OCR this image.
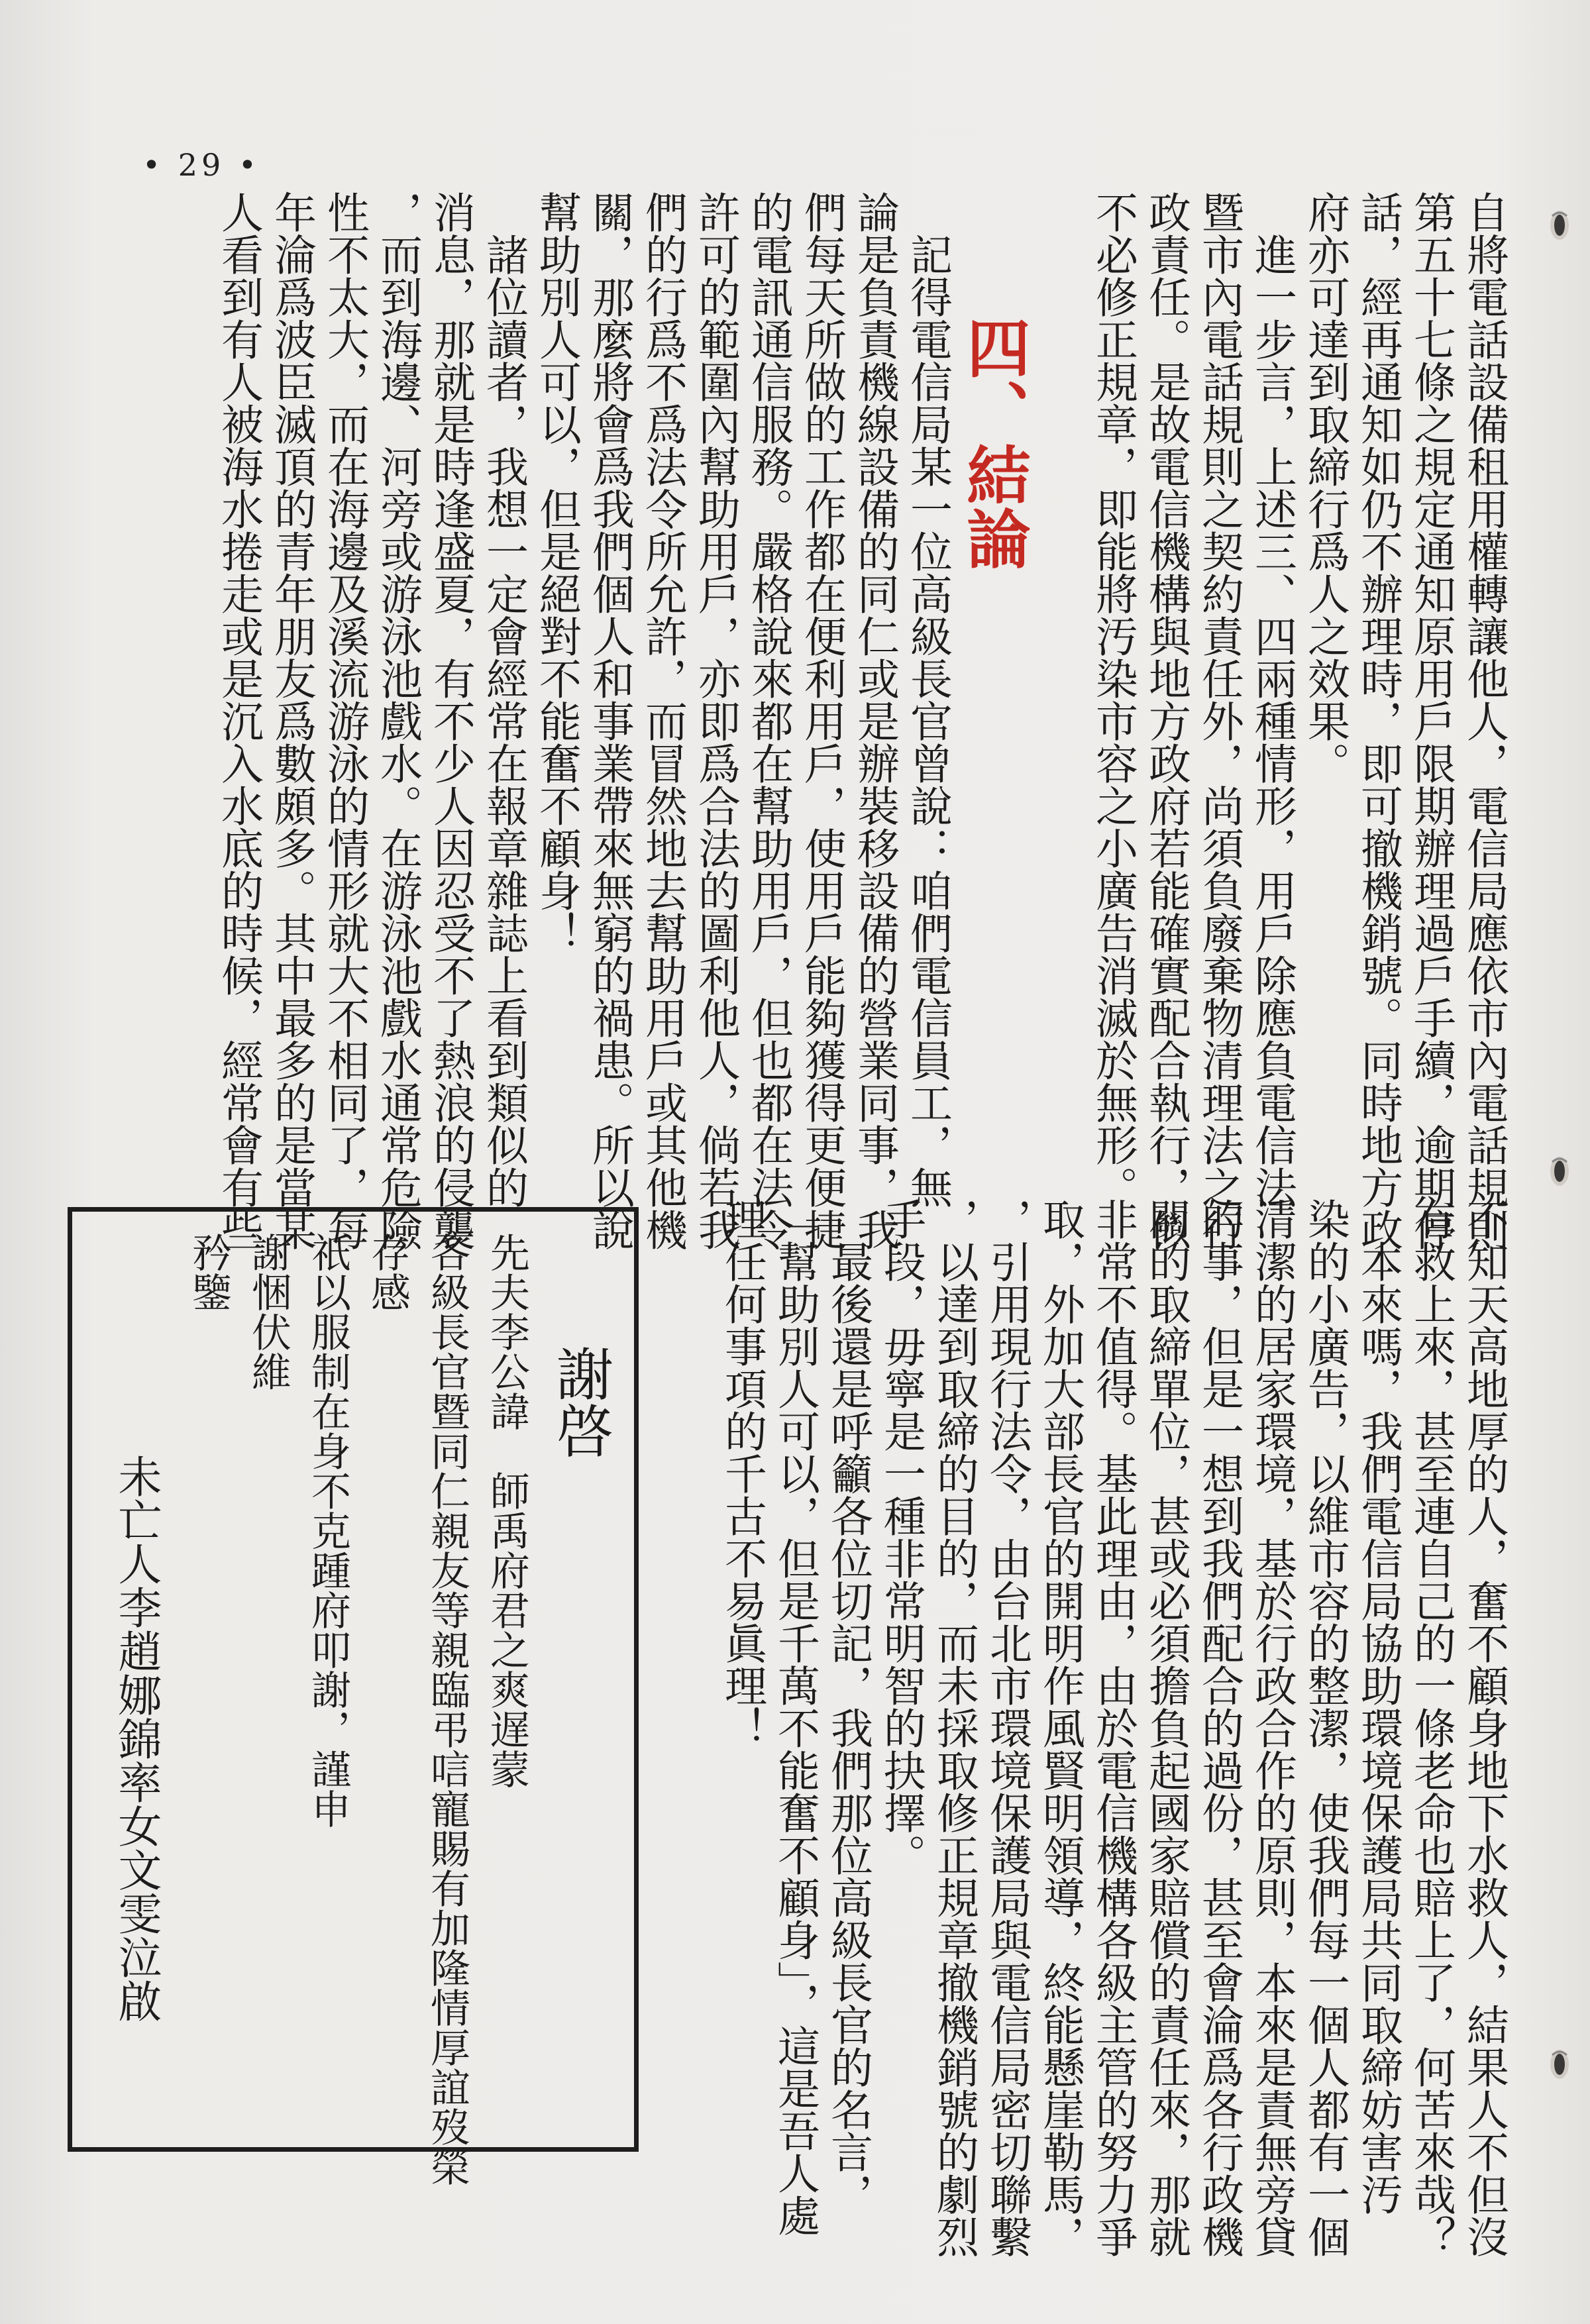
• 29 •
自將電話設備租用權轉讓他人，電信局應依市內電話規則
第五十七條之規定通知原用戶限期辦理過戶手續，逾期停
話，經再通知如仍不辦理時，即可撤機銷號。同時地方政
府亦可達到取締行爲人之效果。
　進一步言，上述三、四兩種情形，用戶除應負電信法
暨市內電話規則之契約責任外，尚須負廢棄物清理法之行
政責任。是故電信機構與地方政府若能確實配合執行，似
不必修正規章，即能將汚染市容之小廣告消滅於無形。
四、結論
　記得電信局某一位高級長官曾說：咱們電信員工，無
論是負責機線設備的同仁或是辦裝移設備的營業同事，我
們每天所做的工作都在便利用戶，使用戶能夠獲得更便捷
的電訊通信服務。嚴格說來都在幫助用戶，但也都在法令
許可的範圍內幫助用戶，亦即爲合法的圖利他人，倘若我
們的行爲不爲法令所允許，而冒然地去幫助用戶或其他機
關，那麼將會爲我們個人和事業帶來無窮的禍患。所以說
幫助別人可以，但是絕對不能奮不顧身！
　諸位讀者，我想一定會經常在報章雜誌上看到類似的
消息，那就是時逢盛夏，有不少人因忍受不了熱浪的侵襲
，而到海邊、河旁或游泳池戲水。在游泳池戲水通常危險
性不太大，而在海邊及溪流游泳的情形就大不相同了，每
年淪爲波臣滅頂的青年朋友爲數頗多。其中最多的是當某
人看到有人被海水捲走或是沉入水底的時候，經常會有些
不知天高地厚的人，奮不顧身地下水救人，結果人不但沒
有救上來，甚至連自己的一條老命也賠上了，何苦來哉？
　本來嗎，我們電信局協助環境保護局共同取締妨害汚
染的小廣告，以維市容的整潔，使我們每一個人都有一個
清潔的居家環境，基於行政合作的原則，本來是責無旁貸
的事，但是一想到我們配合的過份，甚至會淪爲各行政機
關的取締單位，甚或必須擔負起國家賠償的責任來，那就
非常不值得。基此理由，由於電信機構各級主管的努力爭
取，外加大部長官的開明作風賢明領導，終能懸崖勒馬，
，引用現行法令，由台北市環境保護局與電信局密切聯繫
，以達到取締的目的，而未採取修正規章撤機銷號的劇烈
手段，毋寧是一種非常明智的抉擇。
　最後還是呼籲各位切記，我們那位高級長官的名言，
「幫助別人可以，但是千萬不能奮不顧身」，這是吾人處
理任何事項的千古不易眞理！
謝啓
先夫李公諱　師禹府君之爽遅蒙
各級長官暨同仁親友等親臨弔唁寵賜有加隆情厚誼歿榮
存感
祇以服制在身不克踵府叩謝，謹申
謝悃伏維
矜鑒
未亡人李趙娜錦率女文雯泣啟
